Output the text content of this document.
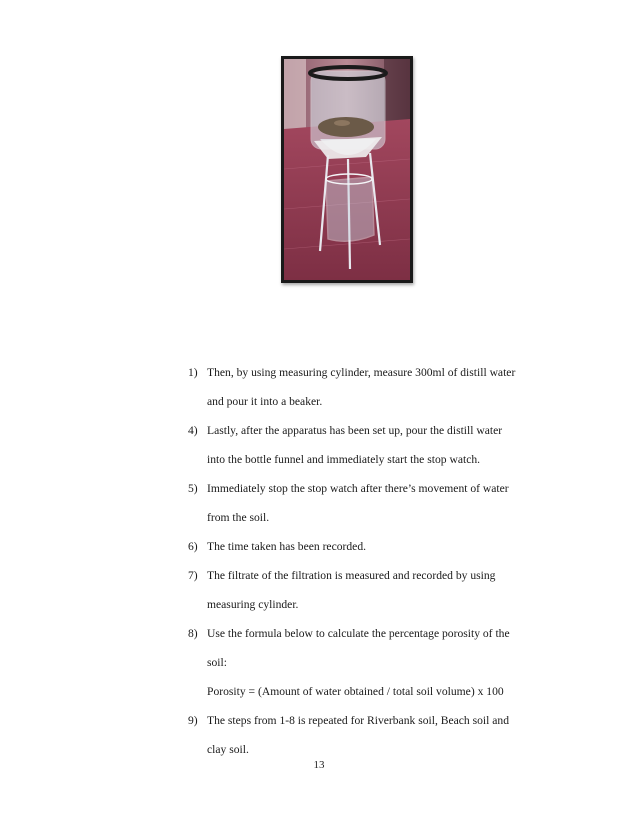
1) Then, by using measuring cylinder, measure 300ml of distill water
and pour it into a beaker.
4) Lastly, after the apparatus has been set up, pour the distill water
into the bottle funnel and immediately start the stop watch.
5) Immediately stop the stop watch after there’s movement of water
from the soil.
6) The time taken has been recorded.
7) The filtrate of the filtration is measured and recorded by using
measuring cylinder.
8) Use the formula below to calculate the percentage porosity of the
soil:
Porosity = (Amount of water obtained / total soil volume) x 100
9) The steps from 1-8 is repeated for Riverbank soil, Beach soil and
clay soil.
13
